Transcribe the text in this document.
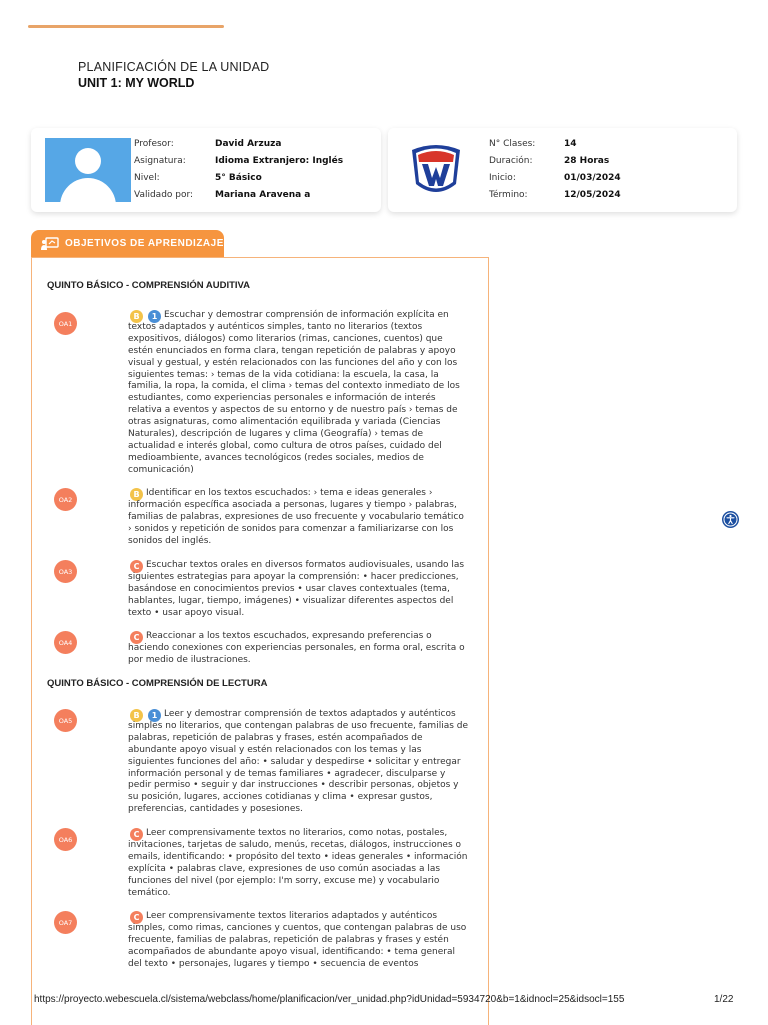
PLANIFICACIÓN DE LA UNIDAD
UNIT 1: MY WORLD
Profesor:	David Arzuza
Asignatura:	Idioma Extranjero: Inglés
Nivel:	5° Básico
Validado por:	Mariana Aravena a
N° Clases:	14
Duración:	28 Horas
Inicio:	01/03/2024
Término:	12/05/2024
OBJETIVOS DE APRENDIZAJE
QUINTO BÁSICO - COMPRENSIÓN AUDITIVA
OA1
B	1 Escuchar y demostrar comprensión de información explícita en textos adaptados y auténticos simples, tanto no literarios (textos expositivos, diálogos) como literarios (rimas, canciones, cuentos) que estén enunciados en forma clara, tengan repetición de palabras y apoyo visual y gestual, y estén relacionados con las funciones del año y con los siguientes temas: › temas de la vida cotidiana: la escuela, la casa, la familia, la ropa, la comida, el clima › temas del contexto inmediato de los estudiantes, como experiencias personales e información de interés relativa a eventos y aspectos de su entorno y de nuestro país › temas de otras asignaturas, como alimentación equilibrada y variada (Ciencias Naturales), descripción de lugares y clima (Geografía) › temas de actualidad e interés global, como cultura de otros países, cuidado del medioambiente, avances tecnológicos (redes sociales, medios de comunicación)
OA2
B Identificar en los textos escuchados: › tema e ideas generales › información específica asociada a personas, lugares y tiempo › palabras, familias de palabras, expresiones de uso frecuente y vocabulario temático › sonidos y repetición de sonidos para comenzar a familiarizarse con los sonidos del inglés.
OA3
C Escuchar textos orales en diversos formatos audiovisuales, usando las siguientes estrategias para apoyar la comprensión: • hacer predicciones, basándose en conocimientos previos • usar claves contextuales (tema, hablantes, lugar, tiempo, imágenes) • visualizar diferentes aspectos del texto • usar apoyo visual.
OA4
C Reaccionar a los textos escuchados, expresando preferencias o haciendo conexiones con experiencias personales, en forma oral, escrita o por medio de ilustraciones.
QUINTO BÁSICO - COMPRENSIÓN DE LECTURA
OA5
B	1 Leer y demostrar comprensión de textos adaptados y auténticos simples no literarios, que contengan palabras de uso frecuente, familias de palabras, repetición de palabras y frases, estén acompañados de abundante apoyo visual y estén relacionados con los temas y las siguientes funciones del año: • saludar y despedirse • solicitar y entregar información personal y de temas familiares • agradecer, disculparse y pedir permiso • seguir y dar instrucciones • describir personas, objetos y su posición, lugares, acciones cotidianas y clima • expresar gustos, preferencias, cantidades y posesiones.
OA6
C Leer comprensivamente textos no literarios, como notas, postales, invitaciones, tarjetas de saludo, menús, recetas, diálogos, instrucciones o emails, identificando: • propósito del texto • ideas generales • información explícita • palabras clave, expresiones de uso común asociadas a las funciones del nivel (por ejemplo: I'm sorry, excuse me) y vocabulario temático.
OA7
C Leer comprensivamente textos literarios adaptados y auténticos simples, como rimas, canciones y cuentos, que contengan palabras de uso frecuente, familias de palabras, repetición de palabras y frases y estén acompañados de abundante apoyo visual, identificando: • tema general del texto • personajes, lugares y tiempo • secuencia de eventos
https://proyecto.webescuela.cl/sistema/webclass/home/planificacion/ver_unidad.php?idUnidad=5934720&b=1&idnocl=25&idsocl=155	1/22
